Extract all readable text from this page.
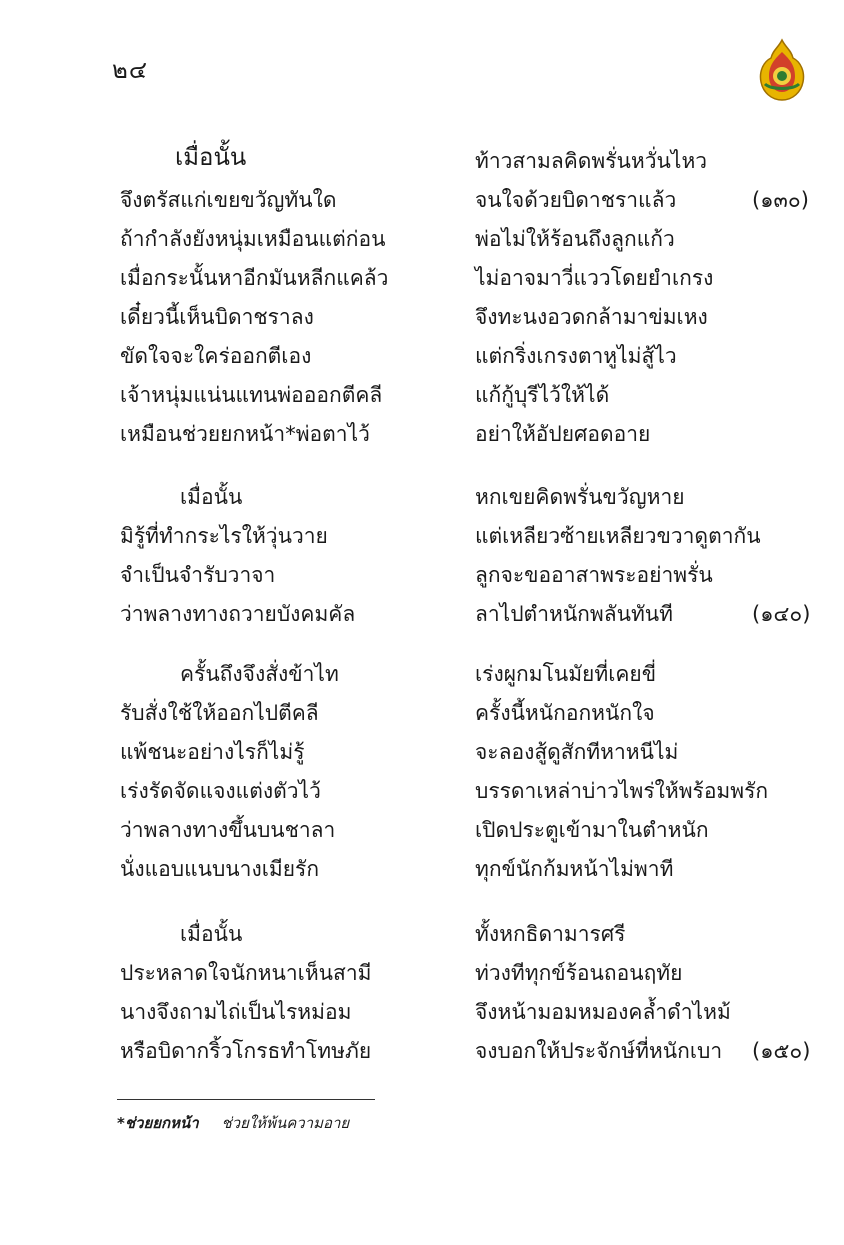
๒๔
เมื่อนั้น	ท้าวสามลคิดพรั่นหวั่นไหว
จึงตรัสแก่เขยขวัญทันใด	จนใจด้วยบิดาชราแล้ว	(๑๓๐)
ถ้ากำลังยังหนุ่มเหมือนแต่ก่อน	พ่อไม่ให้ร้อนถึงลูกแก้ว
เมื่อกระนั้นหาอีกมันหลีกแคล้ว	ไม่อาจมาวี่แววโดยยำเกรง
เดี๋ยวนี้เห็นบิดาชราลง	จึงทะนงอวดกล้ามาข่มเหง
ขัดใจจะใคร่ออกตีเอง	แต่กริ่งเกรงตาหูไม่สู้ไว
เจ้าหนุ่มแน่นแทนพ่อออกตีคลี	แก้กู้บุรีไว้ให้ได้
เหมือนช่วยยกหน้า*พ่อตาไว้	อย่าให้อัปยศอดอาย
เมื่อนั้น	หกเขยคิดพรั่นขวัญหาย
มิรู้ที่ทำกระไรให้วุ่นวาย	แต่เหลียวซ้ายเหลียวขวาดูตากัน
จำเป็นจำรับวาจา	ลูกจะขออาสาพระอย่าพรั่น
ว่าพลางทางถวายบังคมคัล	ลาไปตำหนักพลันทันที	(๑๔๐)
ครั้นถึงจึงสั่งข้าไท	เร่งผูกมโนมัยที่เคยขี่
รับสั่งใช้ให้ออกไปตีคลี	ครั้งนี้หนักอกหนักใจ
แพ้ชนะอย่างไรก็ไม่รู้	จะลองสู้ดูสักทีหาหนีไม่
เร่งรัดจัดแจงแต่งตัวไว้	บรรดาเหล่าบ่าวไพร่ให้พร้อมพรัก
ว่าพลางทางขึ้นบนชาลา	เปิดประตูเข้ามาในตำหนัก
นั่งแอบแนบนางเมียรัก	ทุกข์นักก้มหน้าไม่พาที
เมื่อนั้น	ทั้งหกธิดามารศรี
ประหลาดใจนักหนาเห็นสามี	ท่วงทีทุกข์ร้อนถอนฤทัย
นางจึงถามไถ่เป็นไรหม่อม	จึงหน้ามอมหมองคล้ำดำไหม้
หรือบิดากริ้วโกรธทำโทษภัย	จงบอกให้ประจักษ์ที่หนักเบา (๑๕๐)
*ช่วยยกหน้า ช่วยให้พ้นความอาย
